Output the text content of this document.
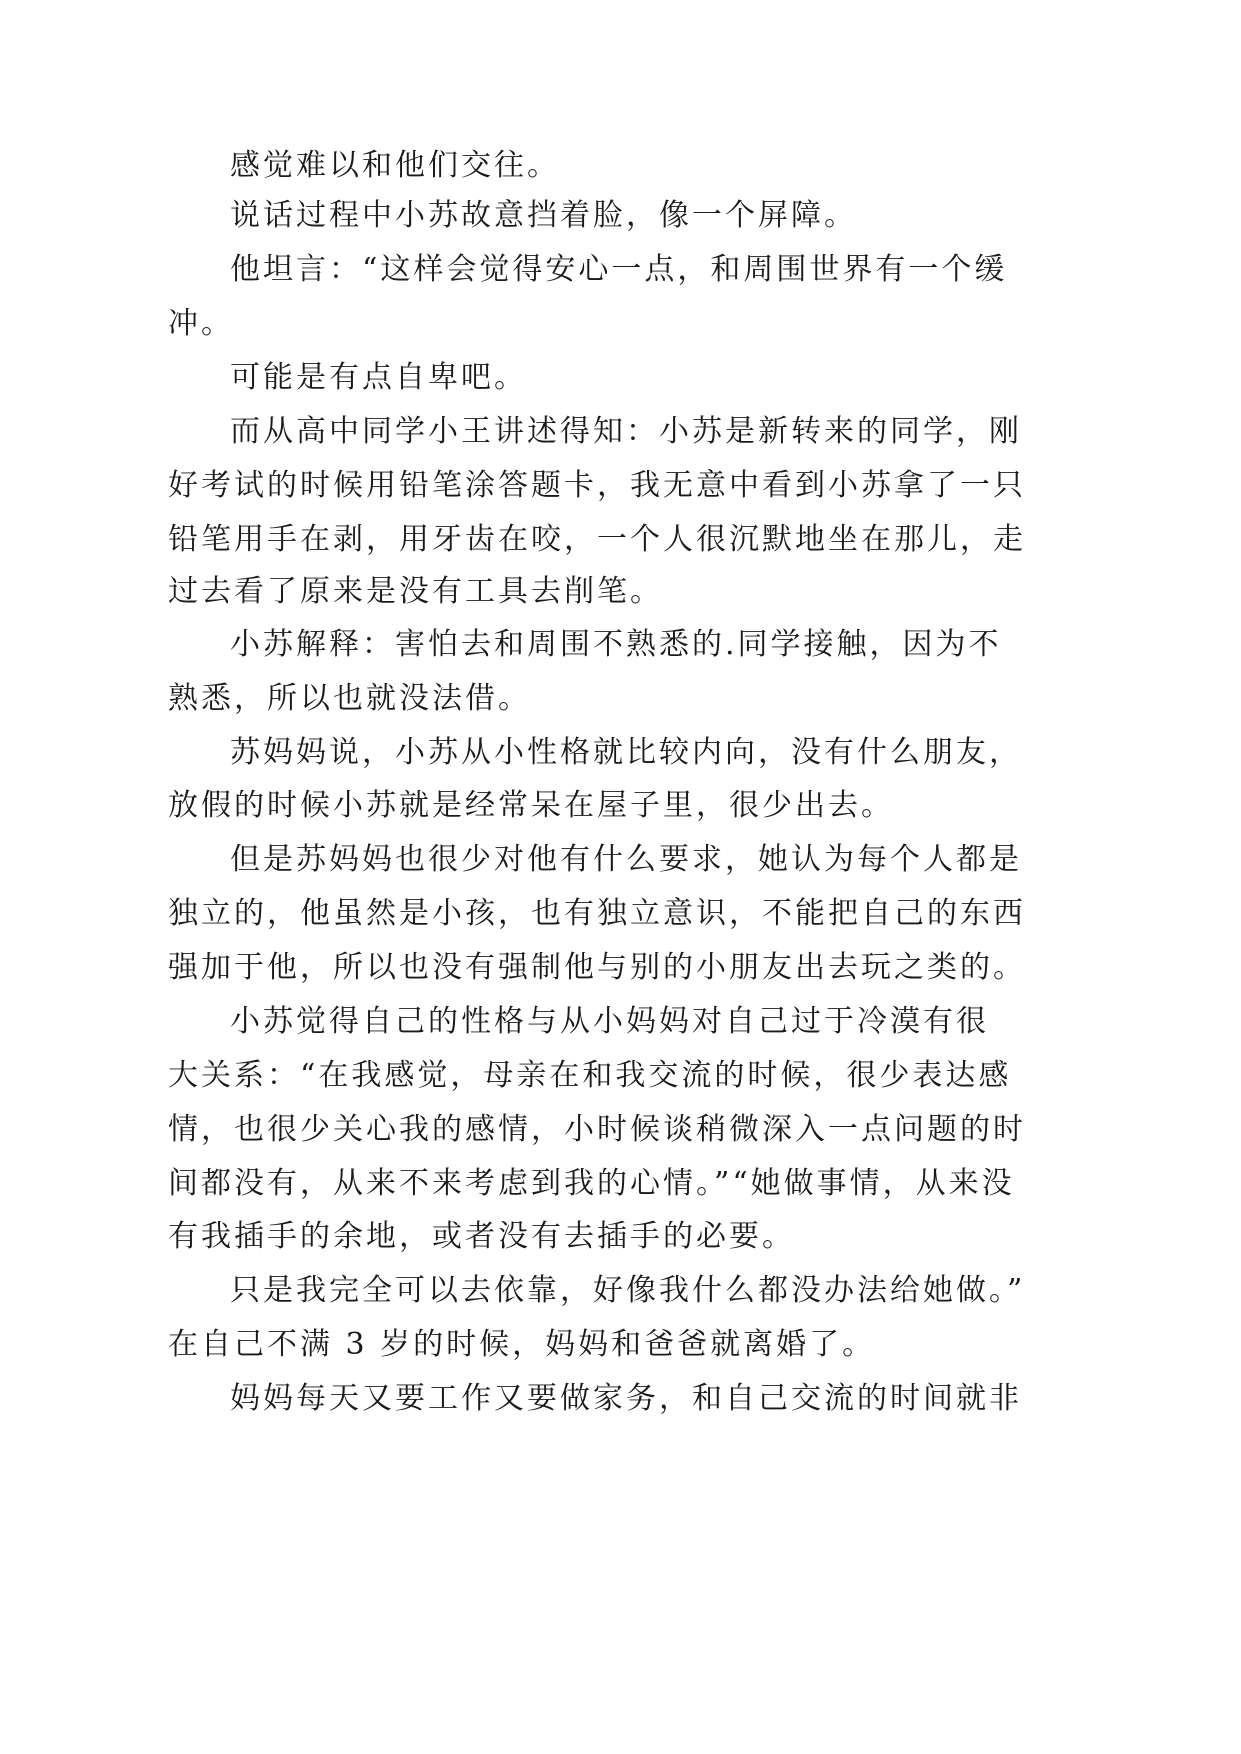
感觉难以和他们交往。
说话过程中小苏故意挡着脸，像一个屏障。
他坦言：“这样会觉得安心一点，和周围世界有一个缓
冲。
可能是有点自卑吧。
而从高中同学小王讲述得知：小苏是新转来的同学，刚
好考试的时候用铅笔涂答题卡，我无意中看到小苏拿了一只
铅笔用手在剥，用牙齿在咬，一个人很沉默地坐在那儿，走
过去看了原来是没有工具去削笔。
小苏解释：害怕去和周围不熟悉的.同学接触，因为不
熟悉，所以也就没法借。
苏妈妈说，小苏从小性格就比较内向，没有什么朋友，
放假的时候小苏就是经常呆在屋子里，很少出去。
但是苏妈妈也很少对他有什么要求，她认为每个人都是
独立的，他虽然是小孩，也有独立意识，不能把自己的东西
强加于他，所以也没有强制他与别的小朋友出去玩之类的。
小苏觉得自己的性格与从小妈妈对自己过于冷漠有很
大关系：“在我感觉，母亲在和我交流的时候，很少表达感
情，也很少关心我的感情，小时候谈稍微深入一点问题的时
间都没有，从来不来考虑到我的心情。”“她做事情，从来没
有我插手的余地，或者没有去插手的必要。
只是我完全可以去依靠，好像我什么都没办法给她做。”
在自己不满 3 岁的时候，妈妈和爸爸就离婚了。
妈妈每天又要工作又要做家务，和自己交流的时间就非
